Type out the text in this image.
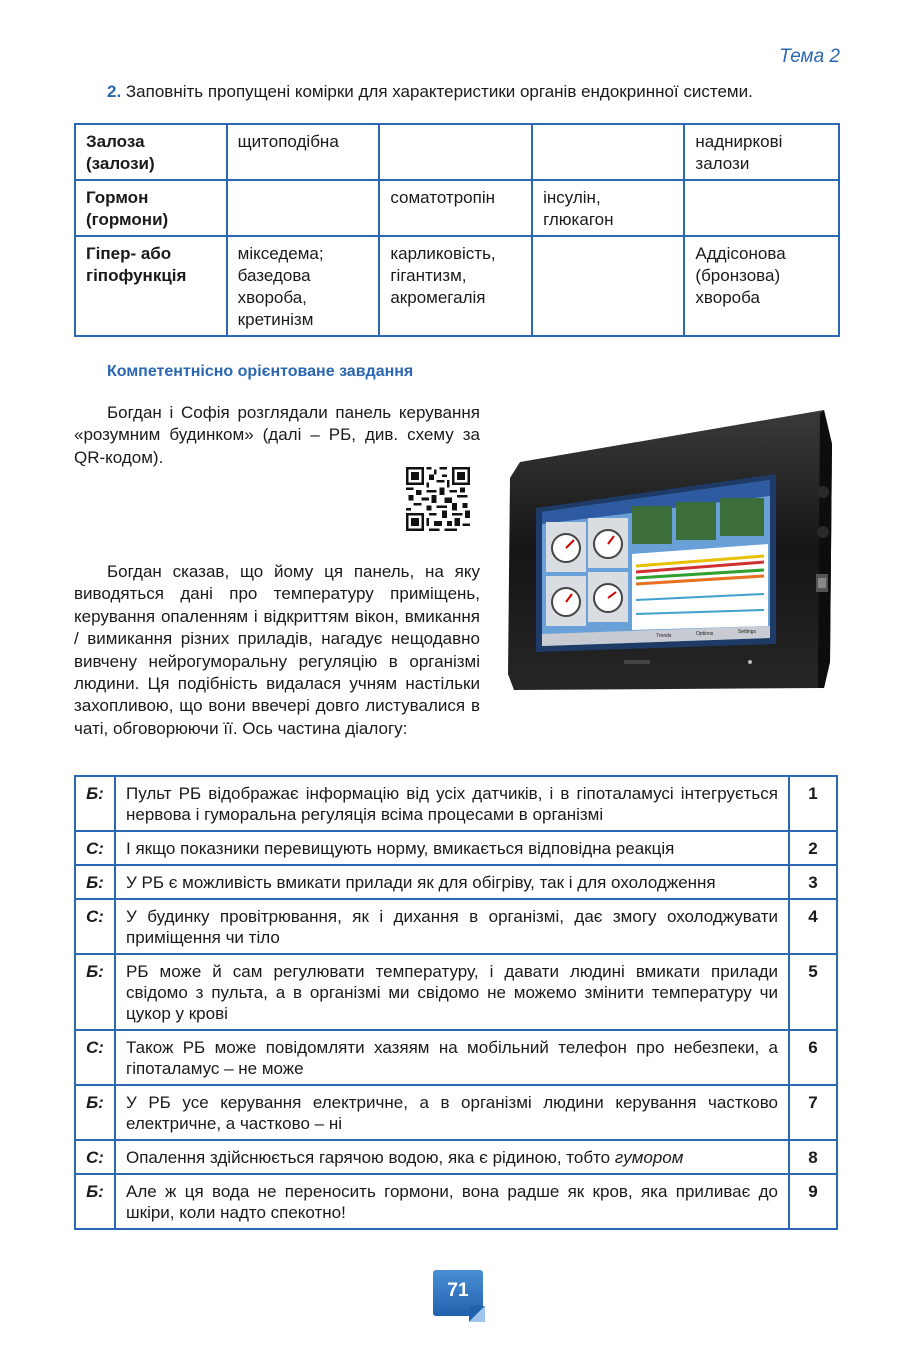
Тема 2
2. Заповніть пропущені комірки для характеристики органів ендокринної системи.
Залоза (залози)	щитоподібна			надниркові залози
Гормон (гормони)		соматотропін	інсулін, глюкагон	
Гіпер- або гіпофункція	мікседема; базедова хвороба, кретинізм	карликовість, гігантизм, акромегалія		Аддісонова (бронзова) хвороба
Компетентнісно орієнтоване завдання

Богдан і Софія розглядали панель керування «розумним будинком» (далі – РБ, див. схему за QR-кодом).

Богдан сказав, що йому ця панель, на яку виводяться дані про температуру приміщень, керування опаленням і відкриттям вікон, вмикання / вимикання різних приладів, нагадує нещодавно вивчену нейрогуморальну регуляцію в організмі людини. Ця подібність видалася учням настільки захопливою, що вони ввечері довго листувалися в чаті, обговорюючи її. Ось частина діалогу:

Trends	Options	Settings
Б:	Пульт РБ відображає інформацію від усіх датчиків, і в гіпоталамусі інтегрується нервова і гуморальна регуляція всіма процесами в організмі	1
С:	І якщо показники перевищують норму, вмикається відповідна реакція	2
Б:	У РБ є можливість вмикати прилади як для обігріву, так і для охолодження	3
С:	У будинку провітрювання, як і дихання в організмі, дає змогу охолоджувати приміщення чи тіло	4
Б:	РБ може й сам регулювати температуру, і давати людині вмикати прилади свідомо з пульта, а в організмі ми свідомо не можемо змінити температуру чи цукор у крові	5
С:	Також РБ може повідомляти хазяям на мобільний телефон про небезпеки, а гіпоталамус – не може	6
Б:	У РБ усе керування електричне, а в організмі людини керування частково електричне, а частково – ні	7
С:	Опалення здійснюється гарячою водою, яка є рідиною, тобто гумором	8
Б:	Але ж ця вода не переносить гормони, вона радше як кров, яка приливає до шкіри, коли надто спекотно!	9
71
